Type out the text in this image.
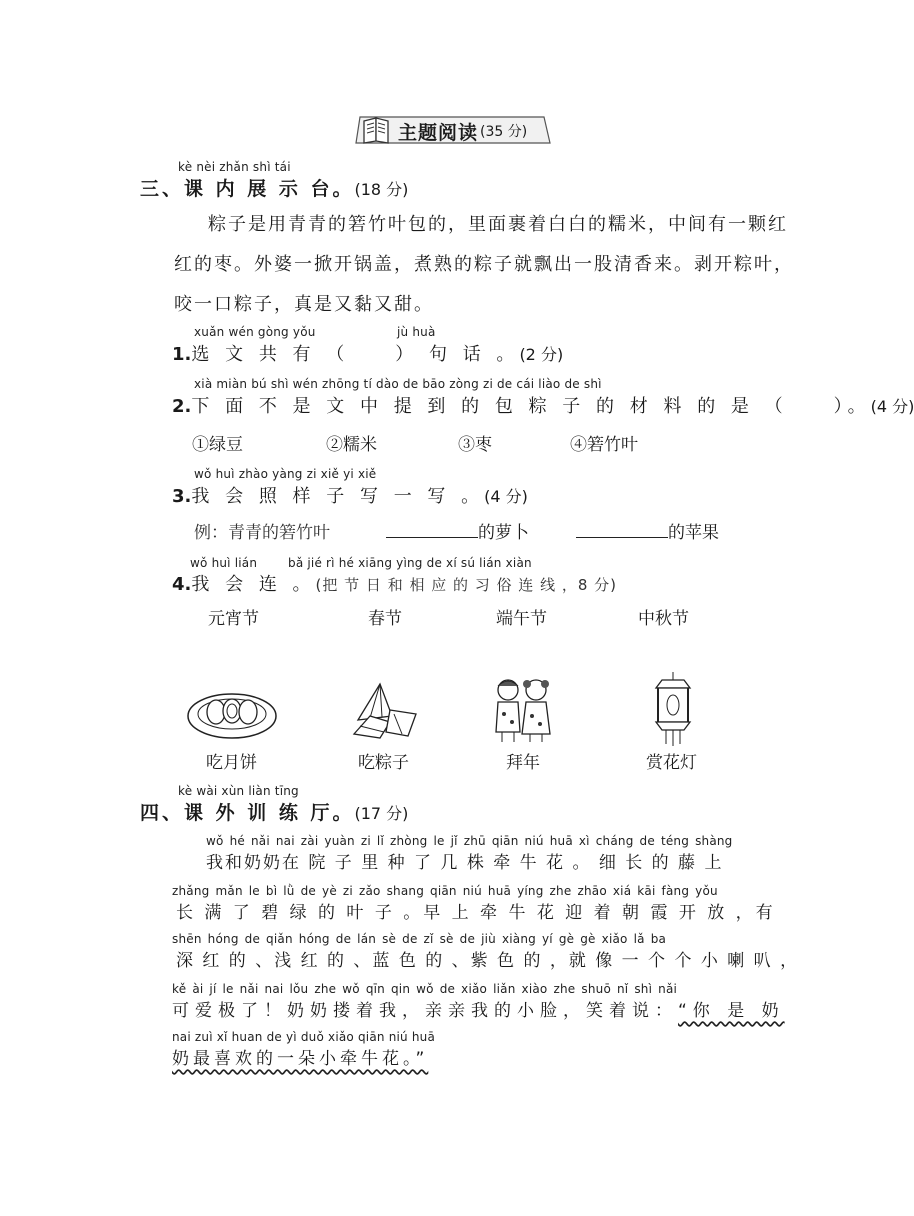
主题阅读 (35 分)
kè nèi zhǎn shì tái
三、课 内 展 示 台。(18 分)
粽子是用青青的箬竹叶包的，里面裹着白白的糯米，中间有一颗红
红的枣。外婆一掀开锅盖，煮熟的粽子就飘出一股清香来。剥开粽叶，
咬一口粽子，真是又黏又甜。
xuǎn wén gòng yǒu	jù huà
1.选 文 共 有 （　　） 句 话 。(2 分)
xià miàn bú shì wén zhōng tí dào de bāo zòng zi de cái liào de shì
2.下 面 不 是 文 中 提 到 的 包 粽 子 的 材 料 的 是 （　　）。(4 分)
①绿豆	②糯米	③枣	④箬竹叶
wǒ huì zhào yàng zi xiě yi xiě
3.我 会 照 样 子 写 一 写 。(4 分)
例：青青的箬竹叶	的萝卜	的苹果
wǒ huì lián	bǎ jié rì hé xiāng yìng de xí sú lián xiàn
4.我 会 连 。(把 节 日 和 相 应 的 习 俗 连 线 ，8 分)
元宵节	春节	端午节	中秋节
吃月饼	吃粽子	拜年	赏花灯
kè wài xùn liàn tīng
四、课 外 训 练 厅。(17 分)
wǒ hé nǎi nai zài yuàn zi lǐ zhòng le jǐ zhū qiān niú huā xì cháng de téng shàng
我和奶奶在 院 子 里 种 了 几 株 牵 牛 花 。 细 长 的 藤 上
zhǎng mǎn le bì lǜ de yè zi zǎo shang qiān niú huā yíng zhe zhāo xiá kāi fàng yǒu
长 满 了 碧 绿 的 叶 子 。早 上 牵 牛 花 迎 着 朝 霞 开 放 ，有
shēn hóng de qiǎn hóng de lán sè de zǐ sè de jiù xiàng yí gè gè xiǎo lǎ ba
深 红 的 、浅 红 的 、蓝 色 的 、紫 色 的 ，就 像 一 个 个 小 喇 叭 ，
kě ài jí le nǎi nai lǒu zhe wǒ qīn qin wǒ de xiǎo liǎn xiào zhe shuō nǐ shì nǎi
可爱极了！奶奶搂着我，亲亲我的小脸，笑着说：“你 是 奶
nai zuì xǐ huan de yì duǒ xiǎo qiān niú huā
奶最喜欢的一朵小牵牛花。”
